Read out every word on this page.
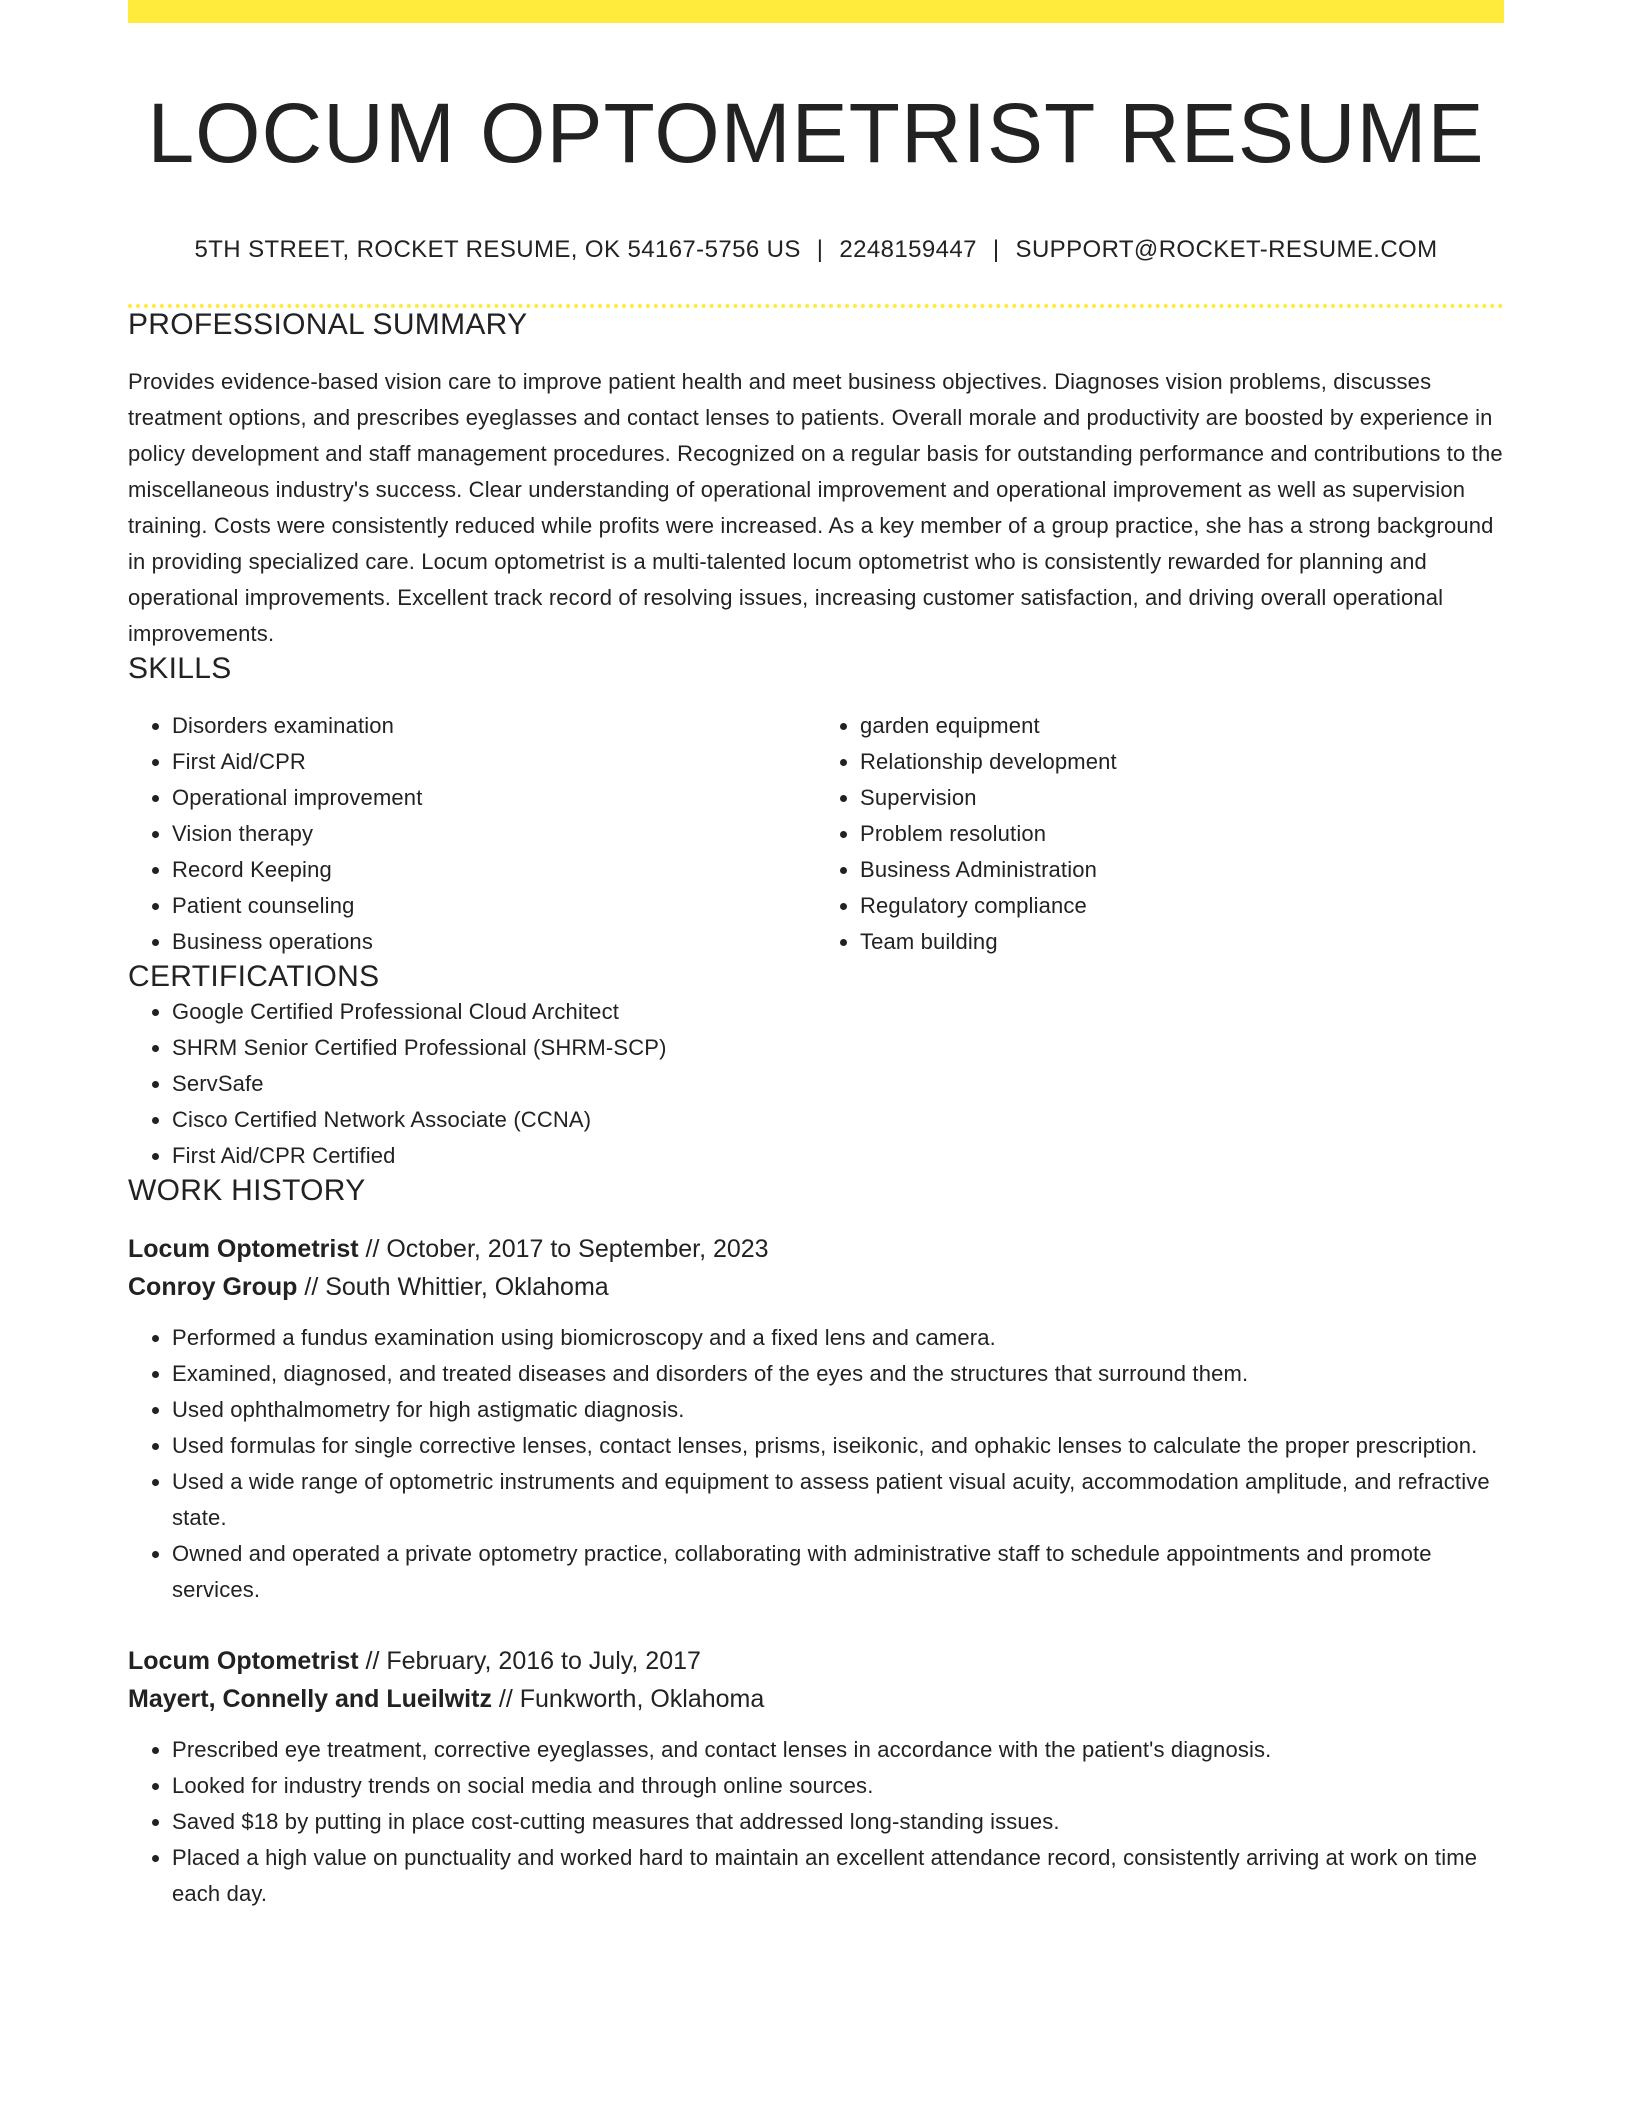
LOCUM OPTOMETRIST RESUME
5TH STREET, ROCKET RESUME, OK 54167-5756 US | 2248159447 | SUPPORT@ROCKET-RESUME.COM
PROFESSIONAL SUMMARY
Provides evidence-based vision care to improve patient health and meet business objectives. Diagnoses vision problems, discusses treatment options, and prescribes eyeglasses and contact lenses to patients. Overall morale and productivity are boosted by experience in policy development and staff management procedures. Recognized on a regular basis for outstanding performance and contributions to the miscellaneous industry's success. Clear understanding of operational improvement and operational improvement as well as supervision training. Costs were consistently reduced while profits were increased. As a key member of a group practice, she has a strong background in providing specialized care. Locum optometrist is a multi-talented locum optometrist who is consistently rewarded for planning and operational improvements. Excellent track record of resolving issues, increasing customer satisfaction, and driving overall operational improvements.
SKILLS
• Disorders examination
• First Aid/CPR
• Operational improvement
• Vision therapy
• Record Keeping
• Patient counseling
• Business operations
• garden equipment
• Relationship development
• Supervision
• Problem resolution
• Business Administration
• Regulatory compliance
• Team building
CERTIFICATIONS
• Google Certified Professional Cloud Architect
• SHRM Senior Certified Professional (SHRM-SCP)
• ServSafe
• Cisco Certified Network Associate (CCNA)
• First Aid/CPR Certified
WORK HISTORY
Locum Optometrist // October, 2017 to September, 2023
Conroy Group // South Whittier, Oklahoma
• Performed a fundus examination using biomicroscopy and a fixed lens and camera.
• Examined, diagnosed, and treated diseases and disorders of the eyes and the structures that surround them.
• Used ophthalmometry for high astigmatic diagnosis.
• Used formulas for single corrective lenses, contact lenses, prisms, iseikonic, and ophakic lenses to calculate the proper prescription.
• Used a wide range of optometric instruments and equipment to assess patient visual acuity, accommodation amplitude, and refractive state.
• Owned and operated a private optometry practice, collaborating with administrative staff to schedule appointments and promote services.
Locum Optometrist // February, 2016 to July, 2017
Mayert, Connelly and Lueilwitz // Funkworth, Oklahoma
• Prescribed eye treatment, corrective eyeglasses, and contact lenses in accordance with the patient's diagnosis.
• Looked for industry trends on social media and through online sources.
• Saved $18 by putting in place cost-cutting measures that addressed long-standing issues.
• Placed a high value on punctuality and worked hard to maintain an excellent attendance record, consistently arriving at work on time each day.
